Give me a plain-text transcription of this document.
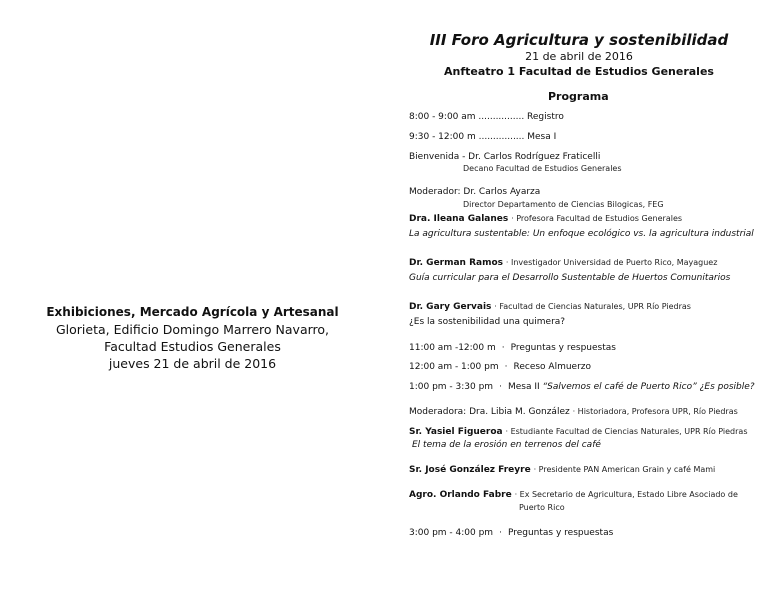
Exhibiciones, Mercado Agrícola y Artesanal
Glorieta, Edificio Domingo Marrero Navarro,
Facultad Estudios Generales
jueves 21 de abril de 2016
III Foro Agricultura y sostenibilidad
21 de abril de 2016
Anfteatro 1 Facultad de Estudios Generales
Programa
8:00 - 9:00 am ................ Registro
9:30 - 12:00 m ................ Mesa I
Bienvenida - Dr. Carlos Rodríguez Fraticelli
Decano Facultad de Estudios Generales
Moderador: Dr. Carlos Ayarza
Director Departamento de Ciencias Bilogicas, FEG
Dra. Ileana Galanes · Profesora Facultad de Estudios Generales
La agricultura sustentable: Un enfoque ecológico vs. la agricultura industrial
Dr. German Ramos · Investigador Universidad de Puerto Rico, Mayaguez
Guía curricular para el Desarrollo Sustentable de Huertos Comunitarios
Dr. Gary Gervais · Facultad de Ciencias Naturales, UPR Río Piedras
¿Es la sostenibilidad una quimera?
11:00 am -12:00 m · Preguntas y respuestas
12:00 am - 1:00 pm · Receso Almuerzo
1:00 pm - 3:30 pm · Mesa II “Salvemos el café de Puerto Rico” ¿Es posible?
Moderadora: Dra. Libia M. González · Historiadora, Profesora UPR, Río Piedras
Sr. Yasiel Figueroa · Estudiante Facultad de Ciencias Naturales, UPR Río Piedras
El tema de la erosión en terrenos del café
Sr. José González Freyre · Presidente PAN American Grain y café Mami
Agro. Orlando Fabre · Ex Secretario de Agricultura, Estado Libre Asociado de
Puerto Rico
3:00 pm - 4:00 pm · Preguntas y respuestas
